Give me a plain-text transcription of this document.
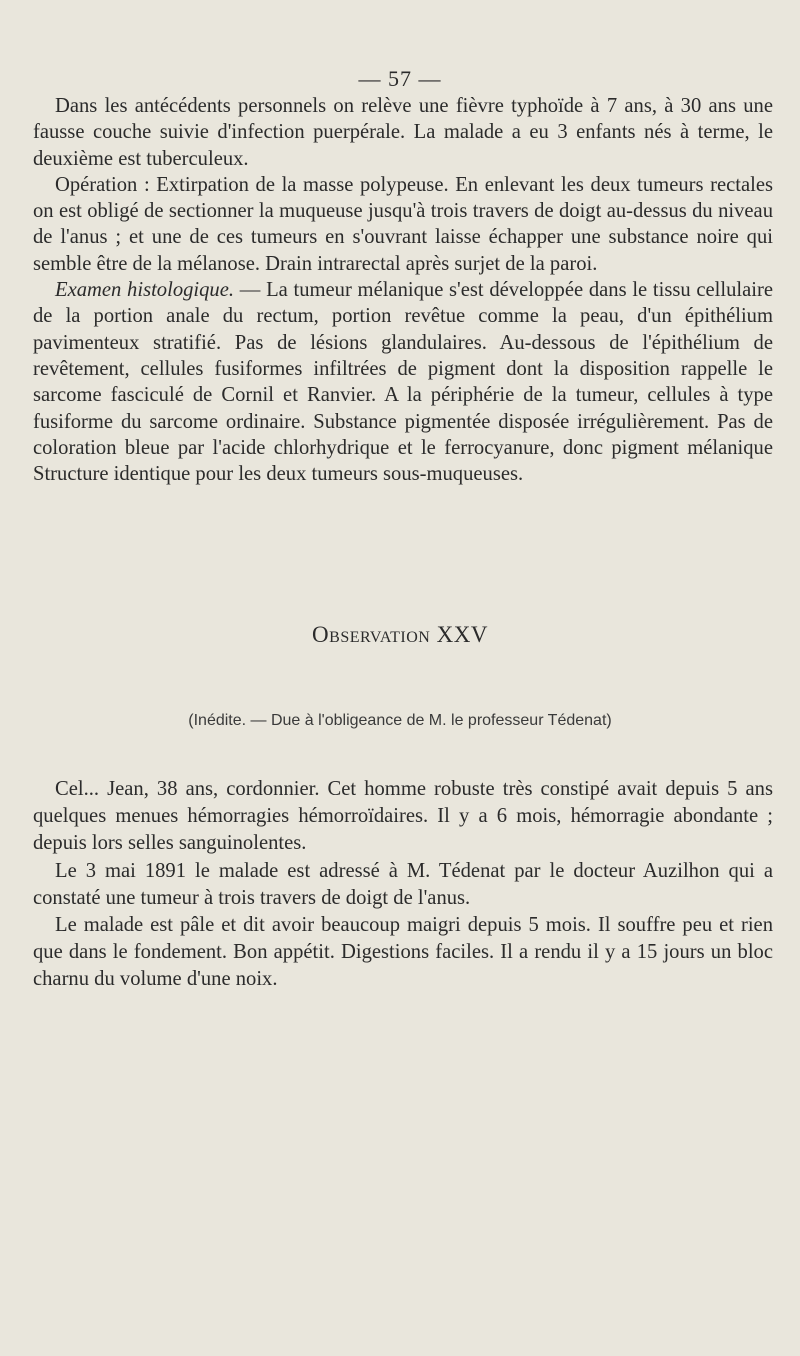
— 57 —

Dans les antécédents personnels on relève une fièvre typhoïde à 7 ans, à 30 ans une fausse couche suivie d'infection puerpérale. La malade a eu 3 enfants nés à terme, le deuxième est tuberculeux.

Opération : Extirpation de la masse polypeuse. En enlevant les deux tumeurs rectales on est obligé de sectionner la muqueuse jusqu'à trois travers de doigt au-dessus du niveau de l'anus ; et une de ces tumeurs en s'ouvrant laisse échapper une substance noire qui semble être de la mélanose. Drain intrarectal après surjet de la paroi.

Examen histologique. — La tumeur mélanique s'est développée dans le tissu cellulaire de la portion anale du rectum, portion revêtue comme la peau, d'un épithélium pavimenteux stratifié. Pas de lésions glandulaires. Au-dessous de l'épithélium de revêtement, cellules fusiformes infiltrées de pigment dont la disposition rappelle le sarcome fasciculé de Cornil et Ranvier. A la périphérie de la tumeur, cellules à type fusiforme du sarcome ordinaire. Substance pigmentée disposée irrégulièrement. Pas de coloration bleue par l'acide chlorhydrique et le ferrocyanure, donc pigment mélanique Structure identique pour les deux tumeurs sous-muqueuses.

Observation XXV
(Inédite. — Due à l'obligeance de M. le professeur Tédenat)

Cel... Jean, 38 ans, cordonnier. Cet homme robuste très constipé avait depuis 5 ans quelques menues hémorragies hémorroïdaires. Il y a 6 mois, hémorragie abondante ; depuis lors selles sanguinolentes.

Le 3 mai 1891 le malade est adressé à M. Tédenat par le docteur Auzilhon qui a constaté une tumeur à trois travers de doigt de l'anus.

Le malade est pâle et dit avoir beaucoup maigri depuis 5 mois. Il souffre peu et rien que dans le fondement. Bon appétit. Digestions faciles. Il a rendu il y a 15 jours un bloc charnu du volume d'une noix.
